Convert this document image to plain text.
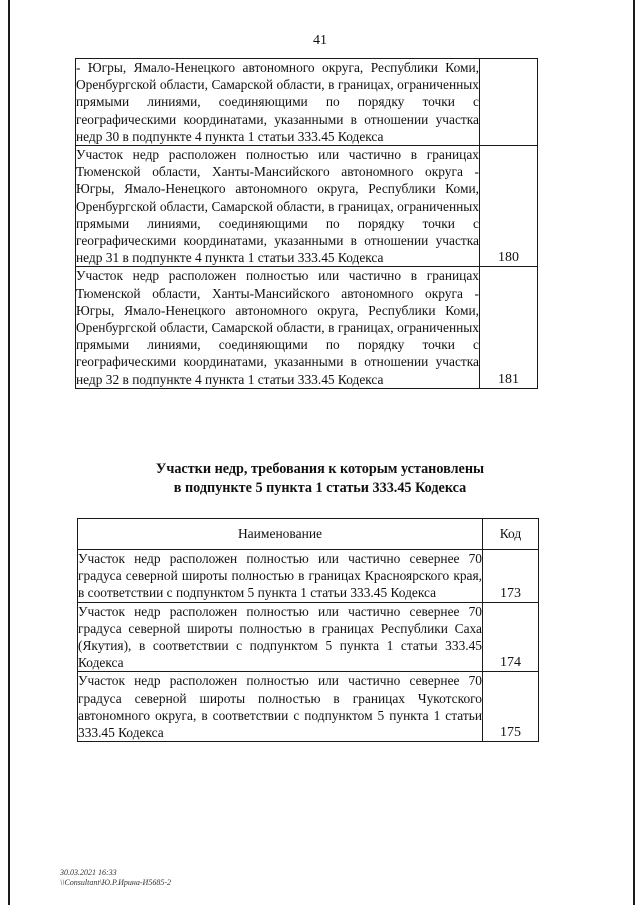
41
- Югры, Ямало-Ненецкого автономного округа, Республики Коми, Оренбургской области, Самарской области, в границах, ограниченных прямыми линиями, соединяющими по порядку точки с географическими координатами, указанными в отношении участка недр 30 в подпункте 4 пункта 1 статьи 333.45 Кодекса	
Участок недр расположен полностью или частично в границах Тюменской области, Ханты-Мансийского автономного округа - Югры, Ямало-Ненецкого автономного округа, Республики Коми, Оренбургской области, Самарской области, в границах, ограниченных прямыми линиями, соединяющими по порядку точки с географическими координатами, указанными в отношении участка недр 31 в подпункте 4 пункта 1 статьи 333.45 Кодекса	180
Участок недр расположен полностью или частично в границах Тюменской области, Ханты-Мансийского автономного округа - Югры, Ямало-Ненецкого автономного округа, Республики Коми, Оренбургской области, Самарской области, в границах, ограниченных прямыми линиями, соединяющими по порядку точки с географическими координатами, указанными в отношении участка недр 32 в подпункте 4 пункта 1 статьи 333.45 Кодекса	181
Участки недр, требования к которым установлены
в подпункте 5 пункта 1 статьи 333.45 Кодекса
Наименование	Код
Участок недр расположен полностью или частично севернее 70 градуса северной широты полностью в границах Красноярского края, в соответствии с подпунктом 5 пункта 1 статьи 333.45 Кодекса	173
Участок недр расположен полностью или частично севернее 70 градуса северной широты полностью в границах Республики Саха (Якутия), в соответствии с подпунктом 5 пункта 1 статьи 333.45 Кодекса	174
Участок недр расположен полностью или частично севернее 70 градуса северной широты полностью в границах Чукотского автономного округа, в соответствии с подпунктом 5 пункта 1 статьи 333.45 Кодекса	175
30.03.2021 16:33
\\Consultant\Ю.Р.Ирина-И5685-2
